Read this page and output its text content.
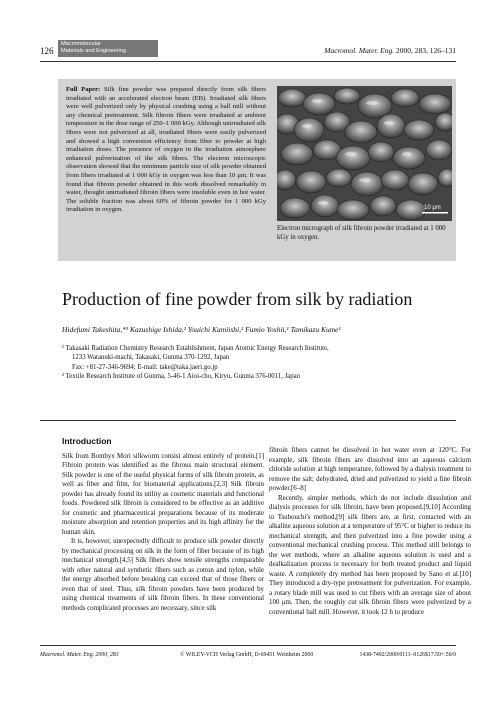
126
Macromolecular
Materials and Engineering	Macromol. Mater. Eng. 2000, 283, 126–131
Full Paper: Silk fine powder was prepared directly from silk fibers irradiated with an accelerated electron beam (EB). Irradiated silk fibers were well pulverized only by physical crushing using a ball mill without any chemical pretreatment. Silk fibroin fibers were irradiated at ambient temperature in the dose range of 250–1 000 kGy. Although unirradiated silk fibers were not pulverized at all, irradiated fibers were easily pulverized and showed a high conversion efficiency from fiber to powder at high irradiation doses. The presence of oxygen in the irradiation atmosphere enhanced pulverization of the silk fibers. The electron microscopic observation showed that the minimum particle size of silk powder obtained from fibers irradiated at 1 000 kGy in oxygen was less than 10 μm. It was found that fibroin powder obtained in this work dissolved remarkably in water, thought unirradiated fibroin fibers were insoluble even in hot water. The soluble fraction was about 60% of fibroin powder for 1 000 kGy irradiation in oxygen.	10 μm
Electron micrograph of silk fibroin powder irradiated at 1 000 kGy in oxygen.
Production of fine powder from silk by radiation
Hidefumi Takeshita,*¹ Kazushige Ishida,² Youichi Kamiishi,² Fumio Yoshii,¹ Tamikazu Kume¹
¹ Takasaki Radiation Chemistry Research Establishment, Japan Atomic Energy Research Institute,
1233 Watanuki-machi, Takasaki, Gunma 370-1292, Japan
Fax: +81-27-346-9694; E-mail: take@taka.jaeri.go.jp
² Textile Research Institute of Gunma, 5-46-1 Aioi-cho, Kiryu, Gunma 376-0011, Japan
Introduction

Silk from Bombyx Mori silkworm consist almost entirely of protein.[1] Fibroin protein was identified as the fibrous main structural element. Silk powder is one of the useful physical forms of silk fibroin protein, as well as fiber and film, for biomaterial applications.[2,3] Silk fibroin powder has already found its utility as cosmetic materials and functional foods. Powdered silk fibroin is considered to be effective as an additive for cosmetic and pharmaceutical preparations because of its moderate moisture absorption and retention properties and its high affinity for the human skin.

It is, however, unexpectedly difficult to produce silk powder directly by mechanical processing on silk in the form of fiber because of its high mechanical strength.[4,5] Silk fibers show tensile strengths comparable with other natural and synthetic fibers such as cotton and nylon, while the energy absorbed before breaking can exceed that of those fibers or even that of steel. Thus, silk fibroin powders have been produced by using chemical treatments of silk fibroin fibers. In these conventional methods complicated processes are necessary, since silk

fibroin fibers cannot be dissolved in hot water even at 120°C. For example, silk fibroin fibers are dissolved into an aqueous calcium chloride solution at high temperature, followed by a dialysis treatment to remove the salt; dehydrated, dried and pulverized to yield a fine fibroin powder.[6–8]

Recently, simpler methods, which do not include dissolution and dialysis processes for silk fibroin, have been proposed.[9,10] According to Tsubouchi's method,[9] silk fibers are, at first, contacted with an alkaline aqueous solution at a temperature of 95°C or higher to reduce its mechanical strength, and then pulverized into a fine powder using a conventional mechanical crushing process. This method still belongs to the wet methods, where an alkaline aqueous solution is used and a dealkalization process is necessary for both treated product and liquid waste. A completely dry method has been proposed by Sano et al.[10] They introduced a dry-type pretreatment for pulverization. For example, a rotary blade mill was used to cut fibers with an average size of about 100 μm. Then, the roughly cut silk fibroin fibers were pulverized by a conventional ball mill. However, it took 12 h to produce

Macromol. Mater. Eng. 2000, 283	© WILEY-VCH Verlag GmbH, D-69451 Weinheim 2000	1438-7492/2000/0111–0126$17.50+.50/0
